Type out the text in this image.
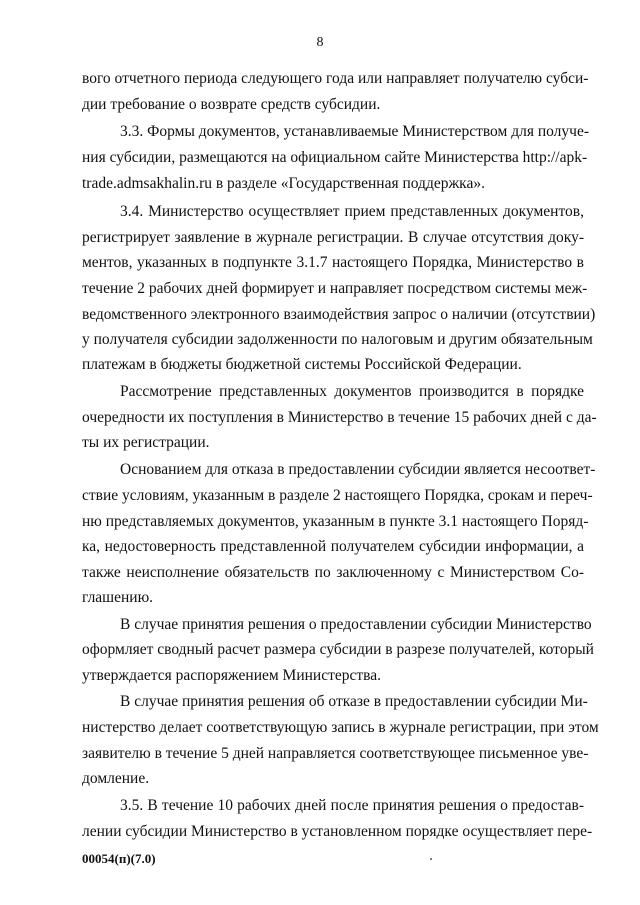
8
вого отчетного периода следующего года или направляет получателю субси-
дии требование о возврате средств субсидии.
3.3. Формы документов, устанавливаемые Министерством для получе-
ния субсидии, размещаются на официальном сайте Министерства http://apk-
trade.admsakhalin.ru в разделе «Государственная поддержка».
3.4. Министерство осуществляет прием представленных документов,
регистрирует заявление в журнале регистрации. В случае отсутствия доку-
ментов, указанных в подпункте 3.1.7 настоящего Порядка, Министерство в
течение 2 рабочих дней формирует и направляет посредством системы меж-
ведомственного электронного взаимодействия запрос о наличии (отсутствии)
у получателя субсидии задолженности по налоговым и другим обязательным
платежам в бюджеты бюджетной системы Российской Федерации.
Рассмотрение представленных документов производится в порядке
очередности их поступления в Министерство в течение 15 рабочих дней с да-
ты их регистрации.
Основанием для отказа в предоставлении субсидии является несоответ-
ствие условиям, указанным в разделе 2 настоящего Порядка, срокам и переч-
ню представляемых документов, указанным в пункте 3.1 настоящего Поряд-
ка, недостоверность представленной получателем субсидии информации, а
также неисполнение обязательств по заключенному с Министерством Со-
глашению.
В случае принятия решения о предоставлении субсидии Министерство
оформляет сводный расчет размера субсидии в разрезе получателей, который
утверждается распоряжением Министерства.
В случае принятия решения об отказе в предоставлении субсидии Ми-
нистерство делает соответствующую запись в журнале регистрации, при этом
заявителю в течение 5 дней направляется соответствующее письменное уве-
домление.
3.5. В течение 10 рабочих дней после принятия решения о предостав-
лении субсидии Министерство в установленном порядке осуществляет пере-
00054(п)(7.0)
